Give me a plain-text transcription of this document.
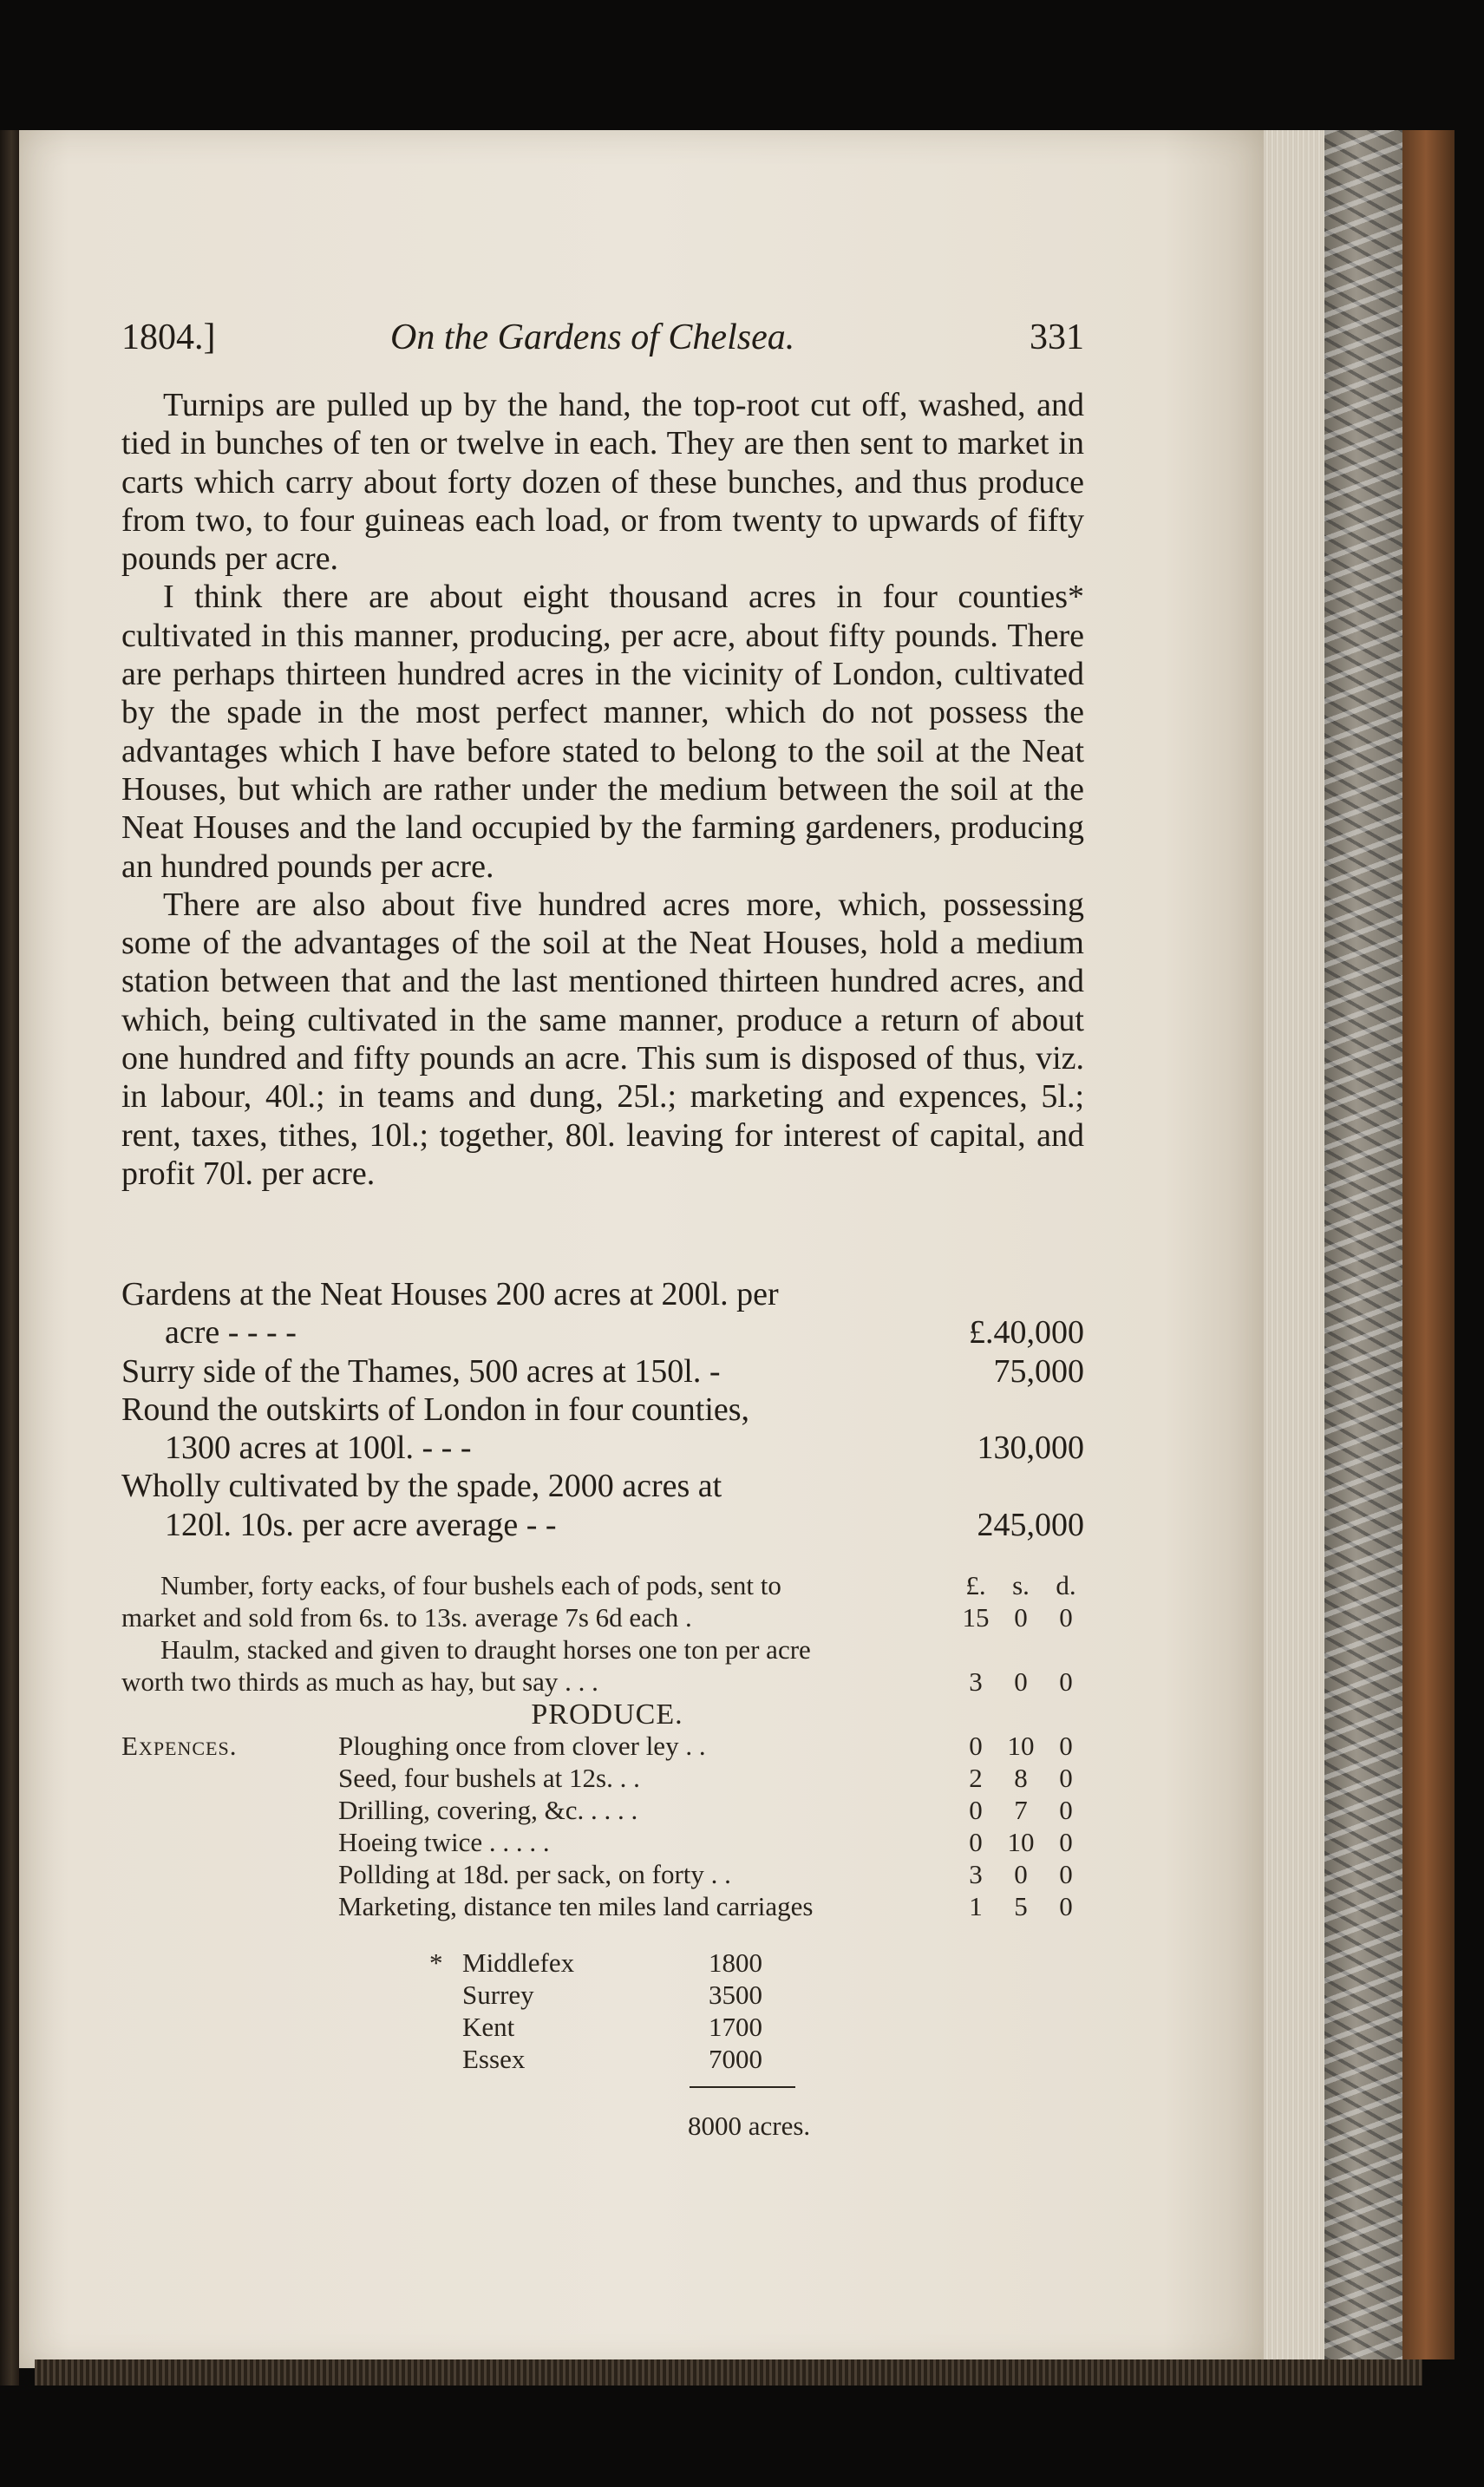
1804.]	On the Gardens of Chelsea.	331

Turnips are pulled up by the hand, the top-root cut off, washed, and tied in bunches of ten or twelve in each. They are then sent to market in carts which carry about forty dozen of these bunches, and thus produce from two, to four guineas each load, or from twenty to upwards of fifty pounds per acre.

I think there are about eight thousand acres in four counties* cultivated in this manner, producing, per acre, about fifty pounds. There are perhaps thirteen hundred acres in the vicinity of London, cultivated by the spade in the most perfect manner, which do not possess the advantages which I have before stated to belong to the soil at the Neat Houses, but which are rather under the medium between the soil at the Neat Houses and the land occupied by the farming gardeners, producing an hundred pounds per acre.

There are also about five hundred acres more, which, possessing some of the advantages of the soil at the Neat Houses, hold a medium station between that and the last mentioned thirteen hundred acres, and which, being cultivated in the same manner, produce a return of about one hundred and fifty pounds an acre. This sum is disposed of thus, viz. in labour, 40l.; in teams and dung, 25l.; marketing and expences, 5l.; rent, taxes, tithes, 10l.; together, 80l. leaving for interest of capital, and profit 70l. per acre.

Gardens at the Neat Houses 200 acres at 200l. per
acre - - - -	£.40,000
Surry side of the Thames, 500 acres at 150l. -	75,000
Round the outskirts of London in four counties,
1300 acres at 100l. - - -	130,000
Wholly cultivated by the spade, 2000 acres at
120l. 10s. per acre average - -	245,000
Number, forty eacks, of four bushels each of pods, sent to	£. s. d.
market and sold from 6s. to 13s. average 7s 6d each .	15 0	0
Haulm, stacked and given to draught horses one ton per acre
worth two thirds as much as hay, but say . . .	3	0	0
PRODUCE.
Expences.	Ploughing once from clover ley . .	0 10 0
Seed, four bushels at 12s. . .	2	8	0
Drilling, covering, &c. . . . .	0	7	0
Hoeing twice . . . . .	0 10 0
Pollding at 18d. per sack, on forty . .	3	0	0
Marketing, distance ten miles land carriages	1	5	0
* Middlefex	1800
Surrey	3500
Kent	1700
Essex	7000
8000 acres.
